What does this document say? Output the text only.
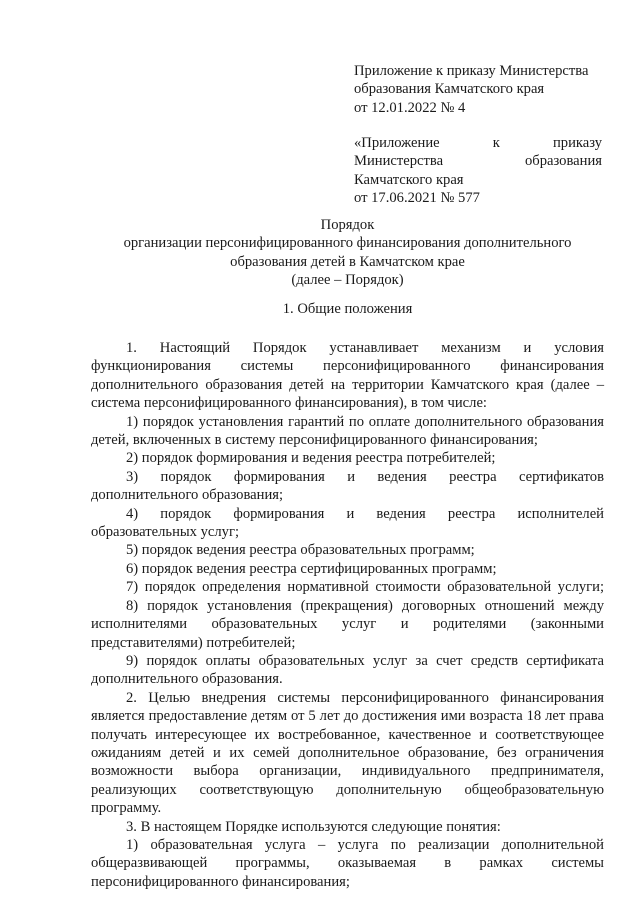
Приложение к приказу Министерства
образования Камчатского края
от 12.01.2022 № 4
«Приложение к приказу
Министерства образования
Камчатского края
от 17.06.2021 № 577
Порядок
организации персонифицированного финансирования дополнительного
образования детей в Камчатском крае
(далее – Порядок)
1. Общие положения
1. Настоящий Порядок устанавливает механизм и условия
функционирования системы персонифицированного финансирования
дополнительного образования детей на территории Камчатского края (далее –
система персонифицированного финансирования), в том числе:
1) порядок установления гарантий по оплате дополнительного образования
детей, включенных в систему персонифицированного финансирования;
2) порядок формирования и ведения реестра потребителей;
3) порядок формирования и ведения реестра сертификатов
дополнительного образования;
4) порядок формирования и ведения реестра исполнителей
образовательных услуг;
5) порядок ведения реестра образовательных программ;
6) порядок ведения реестра сертифицированных программ;
7) порядок определения нормативной стоимости образовательной услуги;
8) порядок установления (прекращения) договорных отношений между
исполнителями образовательных услуг и родителями (законными
представителями) потребителей;
9) порядок оплаты образовательных услуг за счет средств сертификата
дополнительного образования.
2. Целью внедрения системы персонифицированного финансирования
является предоставление детям от 5 лет до достижения ими возраста 18 лет права
получать интересующее их востребованное, качественное и соответствующее
ожиданиям детей и их семей дополнительное образование, без ограничения
возможности выбора организации, индивидуального предпринимателя,
реализующих соответствующую дополнительную общеобразовательную
программу.
3. В настоящем Порядке используются следующие понятия:
1) образовательная услуга – услуга по реализации дополнительной
общеразвивающей программы, оказываемая в рамках системы
персонифицированного финансирования;
